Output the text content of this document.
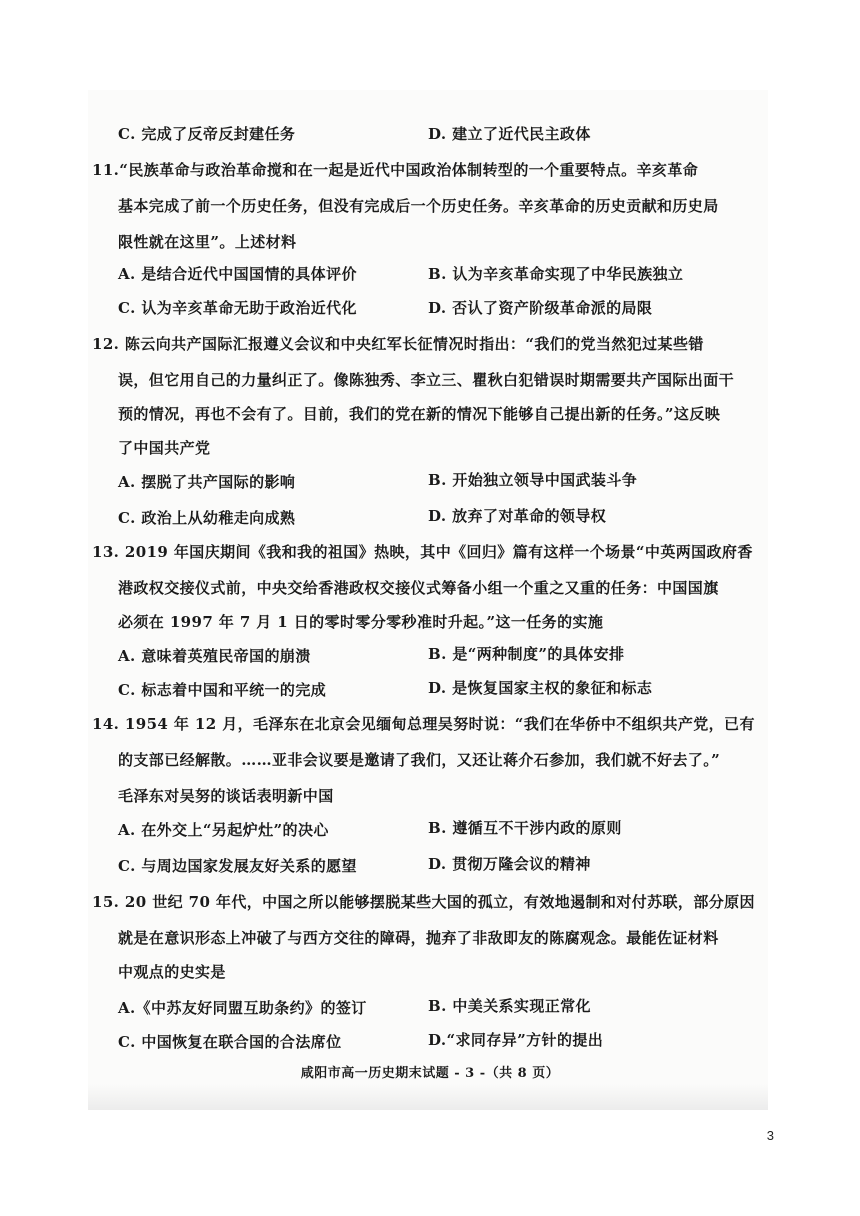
C. 完成了反帝反封建任务	D. 建立了近代民主政体
11.“民族革命与政治革命搅和在一起是近代中国政治体制转型的一个重要特点。辛亥革命
基本完成了前一个历史任务，但没有完成后一个历史任务。辛亥革命的历史贡献和历史局
限性就在这里”。上述材料
A. 是结合近代中国国情的具体评价	B. 认为辛亥革命实现了中华民族独立
C. 认为辛亥革命无助于政治近代化	D. 否认了资产阶级革命派的局限
12. 陈云向共产国际汇报遵义会议和中央红军长征情况时指出：“我们的党当然犯过某些错
误，但它用自己的力量纠正了。像陈独秀、李立三、瞿秋白犯错误时期需要共产国际出面干
预的情况，再也不会有了。目前，我们的党在新的情况下能够自己提出新的任务。”这反映
了中国共产党
A. 摆脱了共产国际的影响	B. 开始独立领导中国武装斗争
C. 政治上从幼稚走向成熟	D. 放弃了对革命的领导权
13. 2019 年国庆期间《我和我的祖国》热映，其中《回归》篇有这样一个场景“中英两国政府香
港政权交接仪式前，中央交给香港政权交接仪式筹备小组一个重之又重的任务：中国国旗
必须在 1997 年 7 月 1 日的零时零分零秒准时升起。”这一任务的实施
A. 意味着英殖民帝国的崩溃	B. 是“两种制度”的具体安排
C. 标志着中国和平统一的完成	D. 是恢复国家主权的象征和标志
14. 1954 年 12 月，毛泽东在北京会见缅甸总理吴努时说：“我们在华侨中不组织共产党，已有
的支部已经解散。……亚非会议要是邀请了我们，又还让蒋介石参加，我们就不好去了。”
毛泽东对吴努的谈话表明新中国
A. 在外交上“另起炉灶”的决心	B. 遵循互不干涉内政的原则
C. 与周边国家发展友好关系的愿望	D. 贯彻万隆会议的精神
15. 20 世纪 70 年代，中国之所以能够摆脱某些大国的孤立，有效地遏制和对付苏联，部分原因
就是在意识形态上冲破了与西方交往的障碍，抛弃了非敌即友的陈腐观念。最能佐证材料
中观点的史实是
A.《中苏友好同盟互助条约》的签订	B. 中美关系实现正常化
C. 中国恢复在联合国的合法席位	D.“求同存异”方针的提出
咸阳市高一历史期末试题 - 3 -（共 8 页）
3
